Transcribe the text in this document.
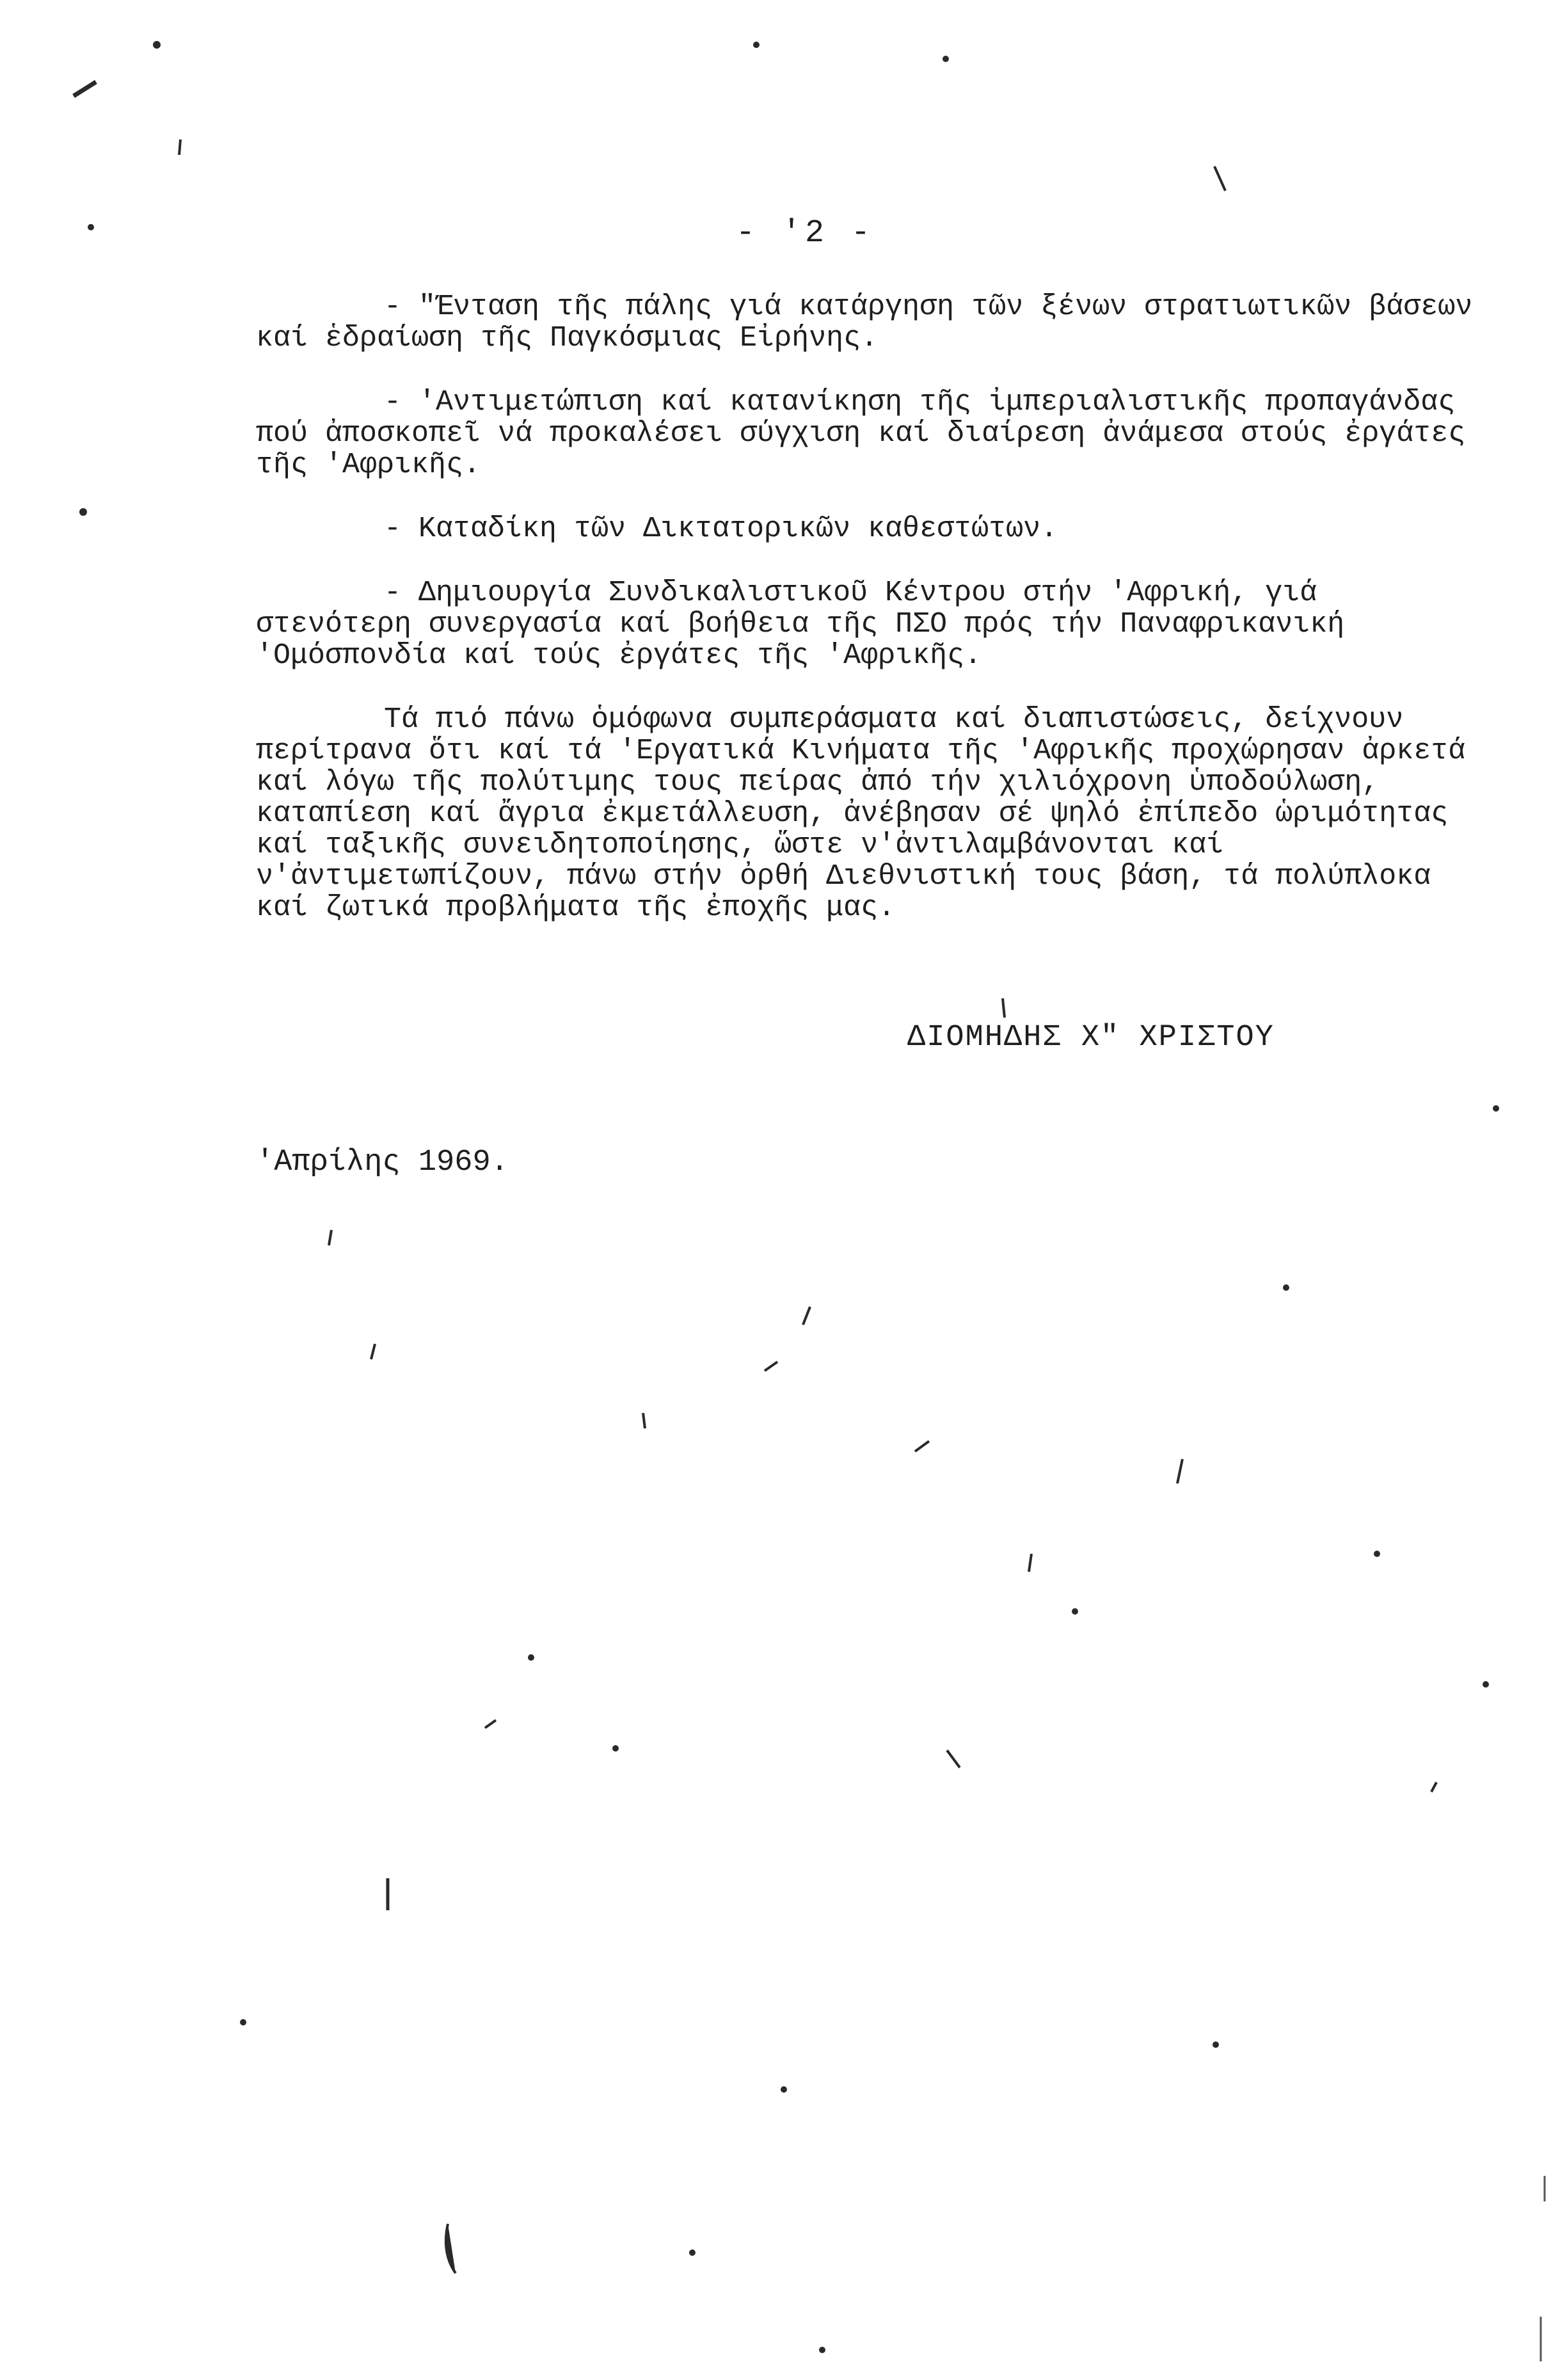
- '2 -

- "Ένταση τῆς πάλης γιά κατάργηση τῶν ξένων στρατιωτικῶν βάσεων καί ἑδραίωση τῆς Παγκόσμιας Εἰρήνης.

- 'Αντιμετώπιση καί κατανίκηση τῆς ἰμπεριαλιστικῆς προπαγάνδας πού ἀποσκοπεῖ νά προκαλέσει σύγχιση καί διαίρεση ἀνάμεσα στούς ἐργάτες τῆς 'Αφρικῆς.

- Καταδίκη τῶν Δικτατορικῶν καθεστώτων.

- Δημιουργία Συνδικαλιστικοῦ Κέντρου στήν 'Αφρική, γιά στενότερη συνεργασία καί βοήθεια τῆς ΠΣΟ πρός τήν Παναφρικανική 'Ομόσπονδία καί τούς ἐργάτες τῆς 'Αφρικῆς.

Τά πιό πάνω ὁμόφωνα συμπεράσματα καί διαπιστώσεις, δείχνουν περίτρανα ὅτι καί τά 'Εργατικά Κινήματα τῆς 'Αφρικῆς προχώρησαν ἀρκετά καί λόγω τῆς πολύτιμης τους πείρας ἀπό τήν χιλιόχρονη ὑποδούλωση, καταπίεση καί ἄγρια ἐκμετάλλευση, ἀνέβησαν σέ ψηλό ἐπίπεδο ὡριμότητας καί ταξικῆς συνειδητοποίησης, ὥστε ν'ἀντιλαμβάνονται καί ν'ἀντιμετωπίζουν, πάνω στήν ὀρθή Διεθνιστική τους βάση, τά πολύπλοκα καί ζωτικά προβλήματα τῆς ἐποχῆς μας.

ΔΙΟΜΗΔΗΣ Χ" ΧΡΙΣΤΟΥ
'Απρίλης 1969.
